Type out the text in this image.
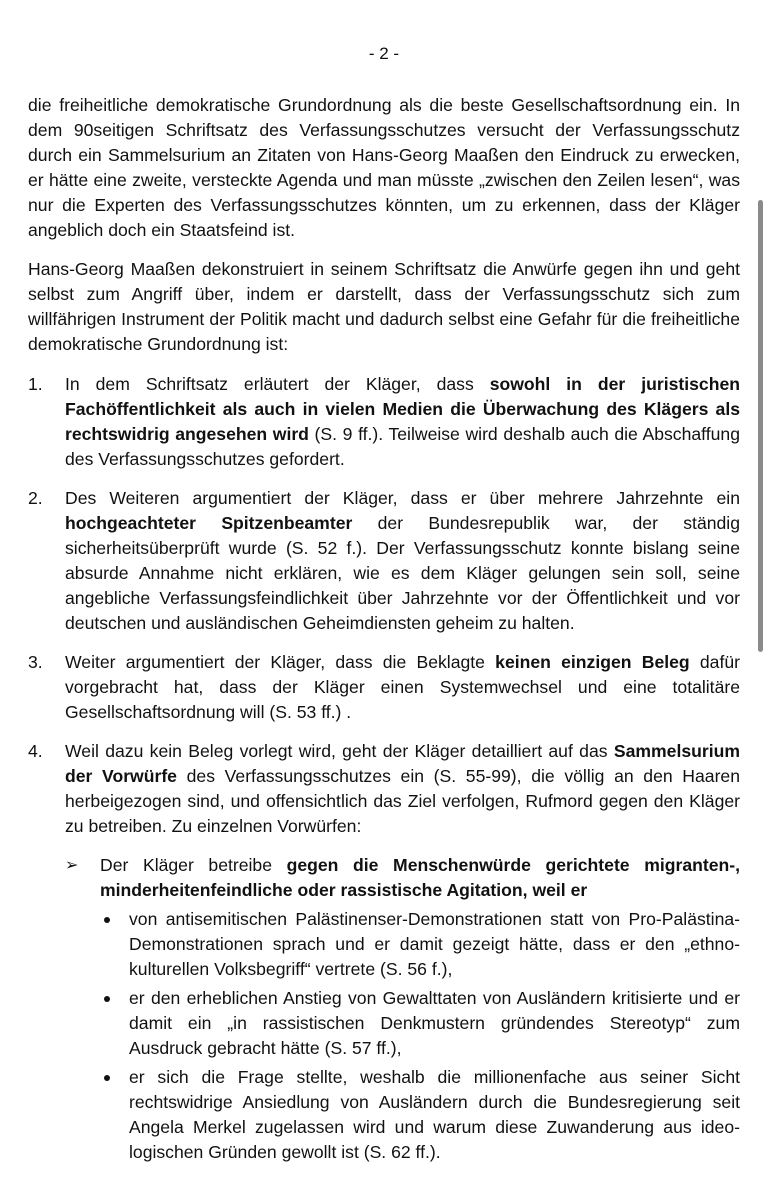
- 2 -

die freiheitliche demokratische Grundordnung als die beste Gesellschaftsordnung ein. In dem 90seitigen Schriftsatz des Verfassungsschutzes versucht der Verfassungsschutz durch ein Sammelsurium an Zitaten von Hans-Georg Maaßen den Eindruck zu erwecken, er hätte eine zweite, versteckte Agenda und man müsste „zwischen den Zeilen lesen“, was nur die Experten des Verfassungsschutzes könnten, um zu erkennen, dass der Kläger angeblich doch ein Staatsfeind ist.

Hans-Georg Maaßen dekonstruiert in seinem Schriftsatz die Anwürfe gegen ihn und geht selbst zum Angriff über, indem er darstellt, dass der Verfassungsschutz sich zum willfährigen Instrument der Politik macht und dadurch selbst eine Gefahr für die freiheitliche demokratische Grundordnung ist:

1.	In dem Schriftsatz erläutert der Kläger, dass sowohl in der juristischen Fachöffentlichkeit als auch in vielen Medien die Überwachung des Klägers als rechtswidrig angesehen wird (S. 9 ff.). Teilweise wird deshalb auch die Abschaffung des Verfassungsschutzes gefordert.
2.	Des Weiteren argumentiert der Kläger, dass er über mehrere Jahrzehnte ein hochgeachteter Spitzenbeamter der Bundesrepublik war, der ständig sicherheitsüberprüft wurde (S. 52 f.). Der Verfassungsschutz konnte bislang seine absurde Annahme nicht erklären, wie es dem Kläger gelungen sein soll, seine angebliche Verfassungsfeindlichkeit über Jahrzehnte vor der Öffentlichkeit und vor deutschen und ausländischen Geheimdiensten geheim zu halten.
3.	Weiter argumentiert der Kläger, dass die Beklagte keinen einzigen Beleg dafür vorgebracht hat, dass der Kläger einen Systemwechsel und eine totalitäre Gesellschaftsordnung will (S. 53 ff.) .
4.	Weil dazu kein Beleg vorlegt wird, geht der Kläger detailliert auf das Sammelsurium der Vorwürfe des Verfassungsschutzes ein (S. 55-99), die völlig an den Haaren herbeigezogen sind, und offensichtlich das Ziel verfolgen, Rufmord gegen den Kläger zu betreiben. Zu einzelnen Vorwürfen:
➢ Der Kläger betreibe gegen die Menschenwürde gerichtete migranten-, minderheitenfeindliche oder rassistische Agitation, weil er
von antisemitischen Palästinenser-Demonstrationen statt von Pro-Palästina-Demonstrationen sprach und er damit gezeigt hätte, dass er den „ethno-kulturellen Volksbegriff“ vertrete (S. 56 f.),
er den erheblichen Anstieg von Gewalttaten von Ausländern kritisierte und er damit ein „in rassistischen Denkmustern gründendes Stereotyp“ zum Ausdruck gebracht hätte (S. 57 ff.),
er sich die Frage stellte, weshalb die millionenfache aus seiner Sicht rechtswidrige Ansiedlung von Ausländern durch die Bundesregierung seit Angela Merkel zugelassen wird und warum diese Zuwanderung aus ideologischen Gründen gewollt ist (S. 62 ff.).
